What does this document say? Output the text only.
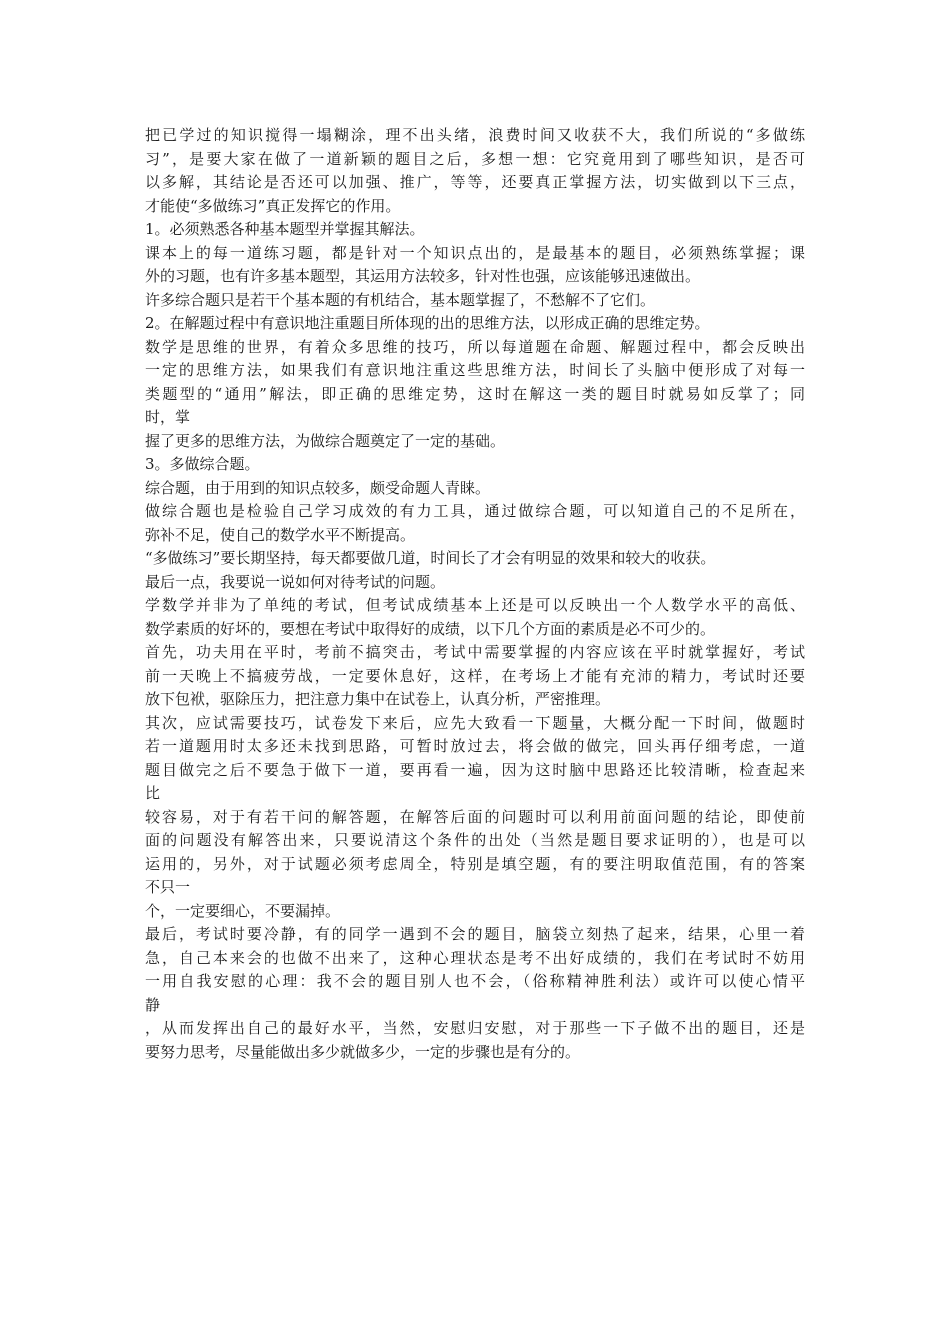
把已学过的知识搅得一塌糊涂，理不出头绪，浪费时间又收获不大，我们所说的“多做练
习”，是要大家在做了一道新颖的题目之后，多想一想：它究竟用到了哪些知识，是否可
以多解，其结论是否还可以加强、推广，等等，还要真正掌握方法，切实做到以下三点，
才能使“多做练习”真正发挥它的作用。
1。必须熟悉各种基本题型并掌握其解法。
课本上的每一道练习题，都是针对一个知识点出的，是最基本的题目，必须熟练掌握；课
外的习题，也有许多基本题型，其运用方法较多，针对性也强，应该能够迅速做出。
许多综合题只是若干个基本题的有机结合，基本题掌握了，不愁解不了它们。
2。在解题过程中有意识地注重题目所体现的出的思维方法，以形成正确的思维定势。
数学是思维的世界，有着众多思维的技巧，所以每道题在命题、解题过程中，都会反映出
一定的思维方法，如果我们有意识地注重这些思维方法，时间长了头脑中便形成了对每一
类题型的“通用”解法，即正确的思维定势，这时在解这一类的题目时就易如反掌了；同
时，掌
握了更多的思维方法，为做综合题奠定了一定的基础。
3。多做综合题。
综合题，由于用到的知识点较多，颇受命题人青睐。
做综合题也是检验自己学习成效的有力工具，通过做综合题，可以知道自己的不足所在，
弥补不足，使自己的数学水平不断提高。
“多做练习”要长期坚持，每天都要做几道，时间长了才会有明显的效果和较大的收获。
最后一点，我要说一说如何对待考试的问题。
学数学并非为了单纯的考试，但考试成绩基本上还是可以反映出一个人数学水平的高低、
数学素质的好坏的，要想在考试中取得好的成绩，以下几个方面的素质是必不可少的。
首先，功夫用在平时，考前不搞突击，考试中需要掌握的内容应该在平时就掌握好，考试
前一天晚上不搞疲劳战，一定要休息好，这样，在考场上才能有充沛的精力，考试时还要
放下包袱，驱除压力，把注意力集中在试卷上，认真分析，严密推理。
其次，应试需要技巧，试卷发下来后，应先大致看一下题量，大概分配一下时间，做题时
若一道题用时太多还未找到思路，可暂时放过去，将会做的做完，回头再仔细考虑，一道
题目做完之后不要急于做下一道，要再看一遍，因为这时脑中思路还比较清晰，检查起来
比
较容易，对于有若干问的解答题，在解答后面的问题时可以利用前面问题的结论，即使前
面的问题没有解答出来，只要说清这个条件的出处（当然是题目要求证明的），也是可以
运用的，另外，对于试题必须考虑周全，特别是填空题，有的要注明取值范围，有的答案
不只一
个，一定要细心，不要漏掉。
最后，考试时要冷静，有的同学一遇到不会的题目，脑袋立刻热了起来，结果，心里一着
急，自己本来会的也做不出来了，这种心理状态是考不出好成绩的，我们在考试时不妨用
一用自我安慰的心理：我不会的题目别人也不会，（俗称精神胜利法）或许可以使心情平
静
，从而发挥出自己的最好水平，当然，安慰归安慰，对于那些一下子做不出的题目，还是
要努力思考，尽量能做出多少就做多少，一定的步骤也是有分的。
